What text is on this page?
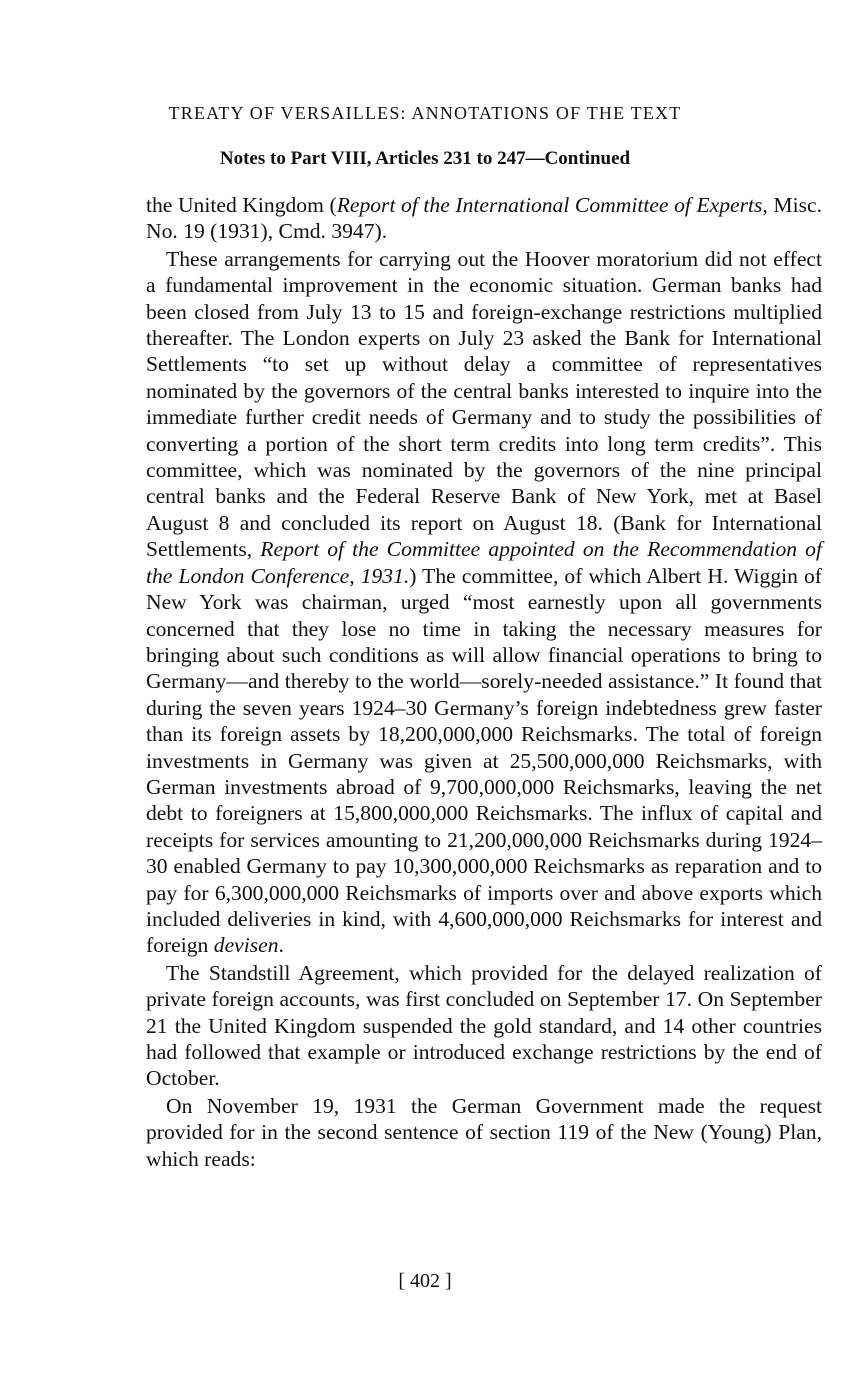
TREATY OF VERSAILLES: ANNOTATIONS OF THE TEXT
Notes to Part VIII, Articles 231 to 247—Continued

the United Kingdom (Report of the International Committee of Experts, Misc. No. 19 (1931), Cmd. 3947).

These arrangements for carrying out the Hoover moratorium did not effect a fundamental improvement in the economic situation. German banks had been closed from July 13 to 15 and foreign-exchange restrictions multiplied thereafter. The London experts on July 23 asked the Bank for International Settlements “to set up without delay a committee of representatives nominated by the governors of the central banks interested to inquire into the immediate further credit needs of Germany and to study the possibilities of converting a portion of the short term credits into long term credits”. This committee, which was nominated by the governors of the nine principal central banks and the Federal Reserve Bank of New York, met at Basel August 8 and concluded its report on August 18. (Bank for International Settlements, Report of the Committee appointed on the Recommendation of the London Conference, 1931.) The committee, of which Albert H. Wiggin of New York was chairman, urged “most earnestly upon all governments concerned that they lose no time in taking the necessary measures for bringing about such conditions as will allow financial operations to bring to Germany—and thereby to the world—sorely-needed assistance.” It found that during the seven years 1924–30 Germany’s foreign indebtedness grew faster than its foreign assets by 18,200,000,000 Reichsmarks. The total of foreign investments in Germany was given at 25,500,000,000 Reichsmarks, with German investments abroad of 9,700,000,000 Reichsmarks, leaving the net debt to foreigners at 15,800,000,000 Reichsmarks. The influx of capital and receipts for services amounting to 21,200,000,000 Reichsmarks during 1924–30 enabled Germany to pay 10,300,000,000 Reichsmarks as reparation and to pay for 6,300,000,000 Reichsmarks of imports over and above exports which included deliveries in kind, with 4,600,000,000 Reichsmarks for interest and foreign devisen.

The Standstill Agreement, which provided for the delayed realization of private foreign accounts, was first concluded on September 17. On September 21 the United Kingdom suspended the gold standard, and 14 other countries had followed that example or introduced exchange restrictions by the end of October.

On November 19, 1931 the German Government made the request provided for in the second sentence of section 119 of the New (Young) Plan, which reads:

[ 402 ]
